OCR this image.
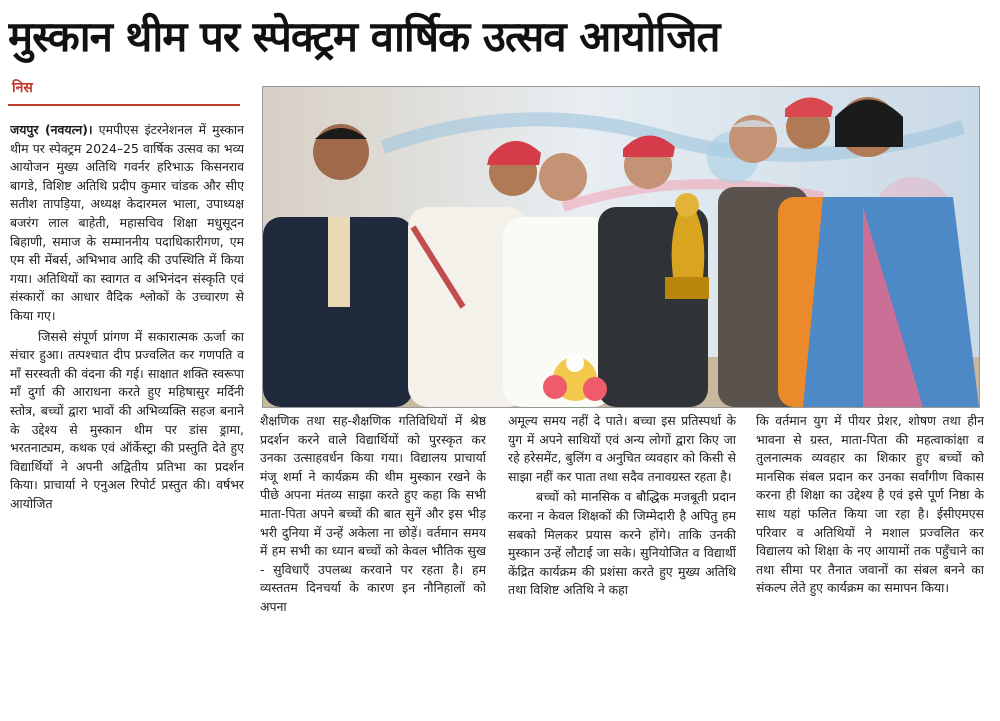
मुस्कान थीम पर स्पेक्ट्रम वार्षिक उत्सव आयोजित
निस

जयपुर (नवयत्न)। एमपीएस इंटरनेशनल में मुस्कान थीम पर स्पेक्ट्रम 2024–25 वार्षिक उत्सव का भव्य आयोजन मुख्य अतिथि गवर्नर हरिभाऊ किसनराव बागडे, विशिष्ट अतिथि प्रदीप कुमार चांडक और सीए सतीश तापड़िया, अध्यक्ष केदारमल भाला, उपाध्यक्ष बजरंग लाल बाहेती, महासचिव शिक्षा मधुसूदन बिहाणी, समाज के सम्माननीय पदाधिकारीगण, एम एम सी मेंबर्स, अभिभाव आदि की उपस्थिति में किया गया। अतिथियों का स्वागत व अभिनंदन संस्कृति एवं संस्कारों का आधार वैदिक श्लोकों के उच्चारण से किया गए।

जिससे संपूर्ण प्रांगण में सकारात्मक ऊर्जा का संचार हुआ। तत्पश्चात दीप प्रज्वलित कर गणपति व माँ सरस्वती की वंदना की गई। साक्षात शक्ति स्वरूपा माँ दुर्गा की आराधना करते हुए महिषासुर मर्दिनी स्तोत्र, बच्चों द्वारा भावों की अभिव्यक्ति सहज बनाने के उद्देश्य से मुस्कान थीम पर डांस ड्रामा, भरतनाट्यम, कथक एवं ऑर्केस्ट्रा की प्रस्तुति देते हुए विद्यार्थियों ने अपनी अद्वितीय प्रतिभा का प्रदर्शन किया। प्राचार्या ने एनुअल रिपोर्ट प्रस्तुत की। वर्षभर आयोजित

शैक्षणिक तथा सह-शैक्षणिक गतिविधियों में श्रेष्ठ प्रदर्शन करने वाले विद्यार्थियों को पुरस्कृत कर उनका उत्साहवर्धन किया गया। विद्यालय प्राचार्या मंजू शर्मा ने कार्यक्रम की थीम मुस्कान रखने के पीछे अपना मंतव्य साझा करते हुए कहा कि सभी माता-पिता अपने बच्चों की बात सुनें और इस भीड़ भरी दुनिया में उन्हें अकेला ना छोड़ें। वर्तमान समय में हम सभी का ध्यान बच्चों को केवल भौतिक सुख - सुविधाएँ उपलब्ध करवाने पर रहता है। हम व्यस्ततम दिनचर्या के कारण इन नौनिहालों को अपना

अमूल्य समय नहीं दे पाते। बच्चा इस प्रतिस्पर्धा के युग में अपने साथियों एवं अन्य लोगों द्वारा किए जा रहे हरेसमेंट, बुलिंग व अनुचित व्यवहार को किसी से साझा नहीं कर पाता तथा सदैव तनावग्रस्त रहता है।

बच्चों को मानसिक व बौद्धिक मजबूती प्रदान करना न केवल शिक्षकों की जिम्मेदारी है अपितु हम सबको मिलकर प्रयास करने होंगे। ताकि उनकी मुस्कान उन्हें लौटाई जा सके। सुनियोजित व विद्यार्थी केंद्रित कार्यक्रम की प्रशंसा करते हुए मुख्य अतिथि तथा विशिष्ट अतिथि ने कहा

कि वर्तमान युग में पीयर प्रेशर, शोषण तथा हीन भावना से ग्रस्त, माता-पिता की महत्वाकांक्षा व तुलनात्मक व्यवहार का शिकार हुए बच्चों को मानसिक संबल प्रदान कर उनका सर्वांगीण विकास करना ही शिक्षा का उद्देश्य है एवं इसे पूर्ण निष्ठा के साथ यहां फलित किया जा रहा है। ईसीएमएस परिवार व अतिथियों ने मशाल प्रज्वलित कर विद्यालय को शिक्षा के नए आयामों तक पहुँचाने का तथा सीमा पर तैनात जवानों का संबल बनने का संकल्प लेते हुए कार्यक्रम का समापन किया।
